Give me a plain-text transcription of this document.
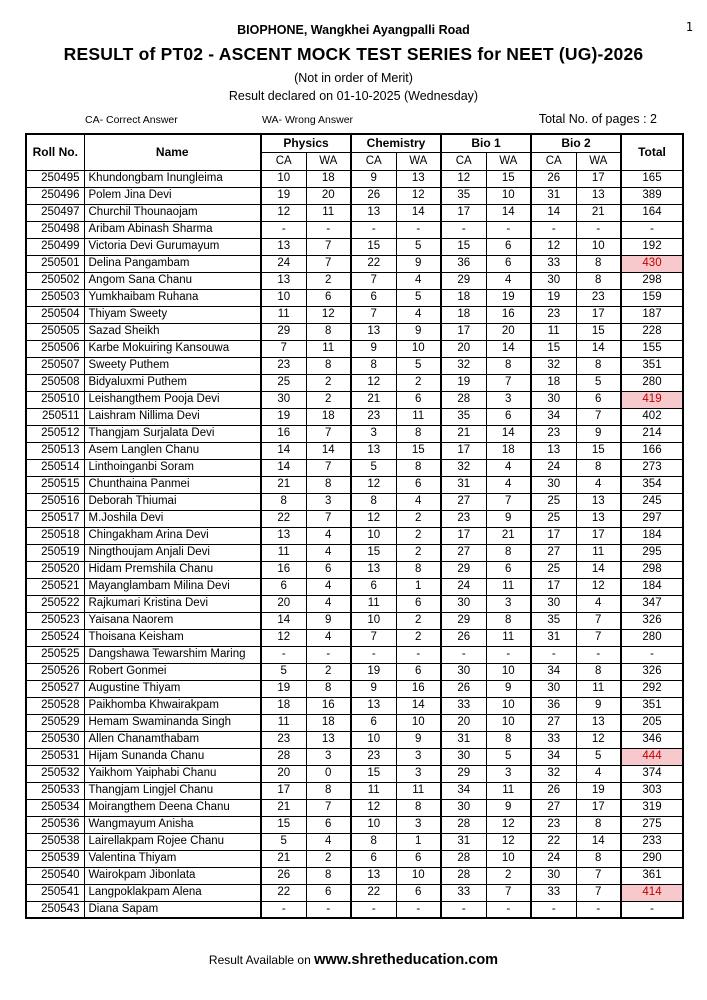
1
BIOPHONE, Wangkhei Ayangpalli Road
RESULT of PT02 - ASCENT MOCK TEST SERIES for NEET (UG)-2026
(Not in order of Merit)
Result declared on 01-10-2025 (Wednesday)
CA- Correct Answer	WA- Wrong Answer	Total No. of pages : 2
Roll No.	Name	Physics		Chemistry		Bio 1		Bio 2		Total
		CA	WA	CA	WA	CA	WA	CA	WA	
250495	Khundongbam Inungleima	10	18	9	13	12	15	26	17	165
250496	Polem Jina Devi	19	20	26	12	35	10	31	13	389
250497	Churchil Thounaojam	12	11	13	14	17	14	14	21	164
250498	Aribam Abinash Sharma	-	-	-	-	-	-	-	-	-
250499	Victoria Devi Gurumayum	13	7	15	5	15	6	12	10	192
250501	Delina Pangambam	24	7	22	9	36	6	33	8	430
250502	Angom Sana Chanu	13	2	7	4	29	4	30	8	298
250503	Yumkhaibam Ruhana	10	6	6	5	18	19	19	23	159
250504	Thiyam Sweety	11	12	7	4	18	16	23	17	187
250505	Sazad Sheikh	29	8	13	9	17	20	11	15	228
250506	Karbe Mokuiring Kansouwa	7	11	9	10	20	14	15	14	155
250507	Sweety Puthem	23	8	8	5	32	8	32	8	351
250508	Bidyaluxmi Puthem	25	2	12	2	19	7	18	5	280
250510	Leishangthem Pooja Devi	30	2	21	6	28	3	30	6	419
250511	Laishram Nillima Devi	19	18	23	11	35	6	34	7	402
250512	Thangjam Surjalata Devi	16	7	3	8	21	14	23	9	214
250513	Asem Langlen Chanu	14	14	13	15	17	18	13	15	166
250514	Linthoinganbi Soram	14	7	5	8	32	4	24	8	273
250515	Chunthaina Panmei	21	8	12	6	31	4	30	4	354
250516	Deborah Thiumai	8	3	8	4	27	7	25	13	245
250517	M.Joshila Devi	22	7	12	2	23	9	25	13	297
250518	Chingakham Arina Devi	13	4	10	2	17	21	17	17	184
250519	Ningthoujam Anjali Devi	11	4	15	2	27	8	27	11	295
250520	Hidam Premshila Chanu	16	6	13	8	29	6	25	14	298
250521	Mayanglambam Milina Devi	6	4	6	1	24	11	17	12	184
250522	Rajkumari Kristina Devi	20	4	11	6	30	3	30	4	347
250523	Yaisana Naorem	14	9	10	2	29	8	35	7	326
250524	Thoisana Keisham	12	4	7	2	26	11	31	7	280
250525	Dangshawa Tewarshim Maring	-	-	-	-	-	-	-	-	-
250526	Robert Gonmei	5	2	19	6	30	10	34	8	326
250527	Augustine Thiyam	19	8	9	16	26	9	30	11	292
250528	Paikhomba Khwairakpam	18	16	13	14	33	10	36	9	351
250529	Hemam Swaminanda Singh	11	18	6	10	20	10	27	13	205
250530	Allen Chanamthabam	23	13	10	9	31	8	33	12	346
250531	Hijam Sunanda Chanu	28	3	23	3	30	5	34	5	444
250532	Yaikhom Yaiphabi Chanu	20	0	15	3	29	3	32	4	374
250533	Thangjam Lingjel Chanu	17	8	11	11	34	11	26	19	303
250534	Moirangthem Deena Chanu	21	7	12	8	30	9	27	17	319
250536	Wangmayum Anisha	15	6	10	3	28	12	23	8	275
250538	Lairellakpam Rojee Chanu	5	4	8	1	31	12	22	14	233
250539	Valentina Thiyam	21	2	6	6	28	10	24	8	290
250540	Wairokpam Jibonlata	26	8	13	10	28	2	30	7	361
250541	Langpoklakpam Alena	22	6	22	6	33	7	33	7	414
250543	Diana Sapam	-	-	-	-	-	-	-	-	-
Result Available on www.shretheducation.com
